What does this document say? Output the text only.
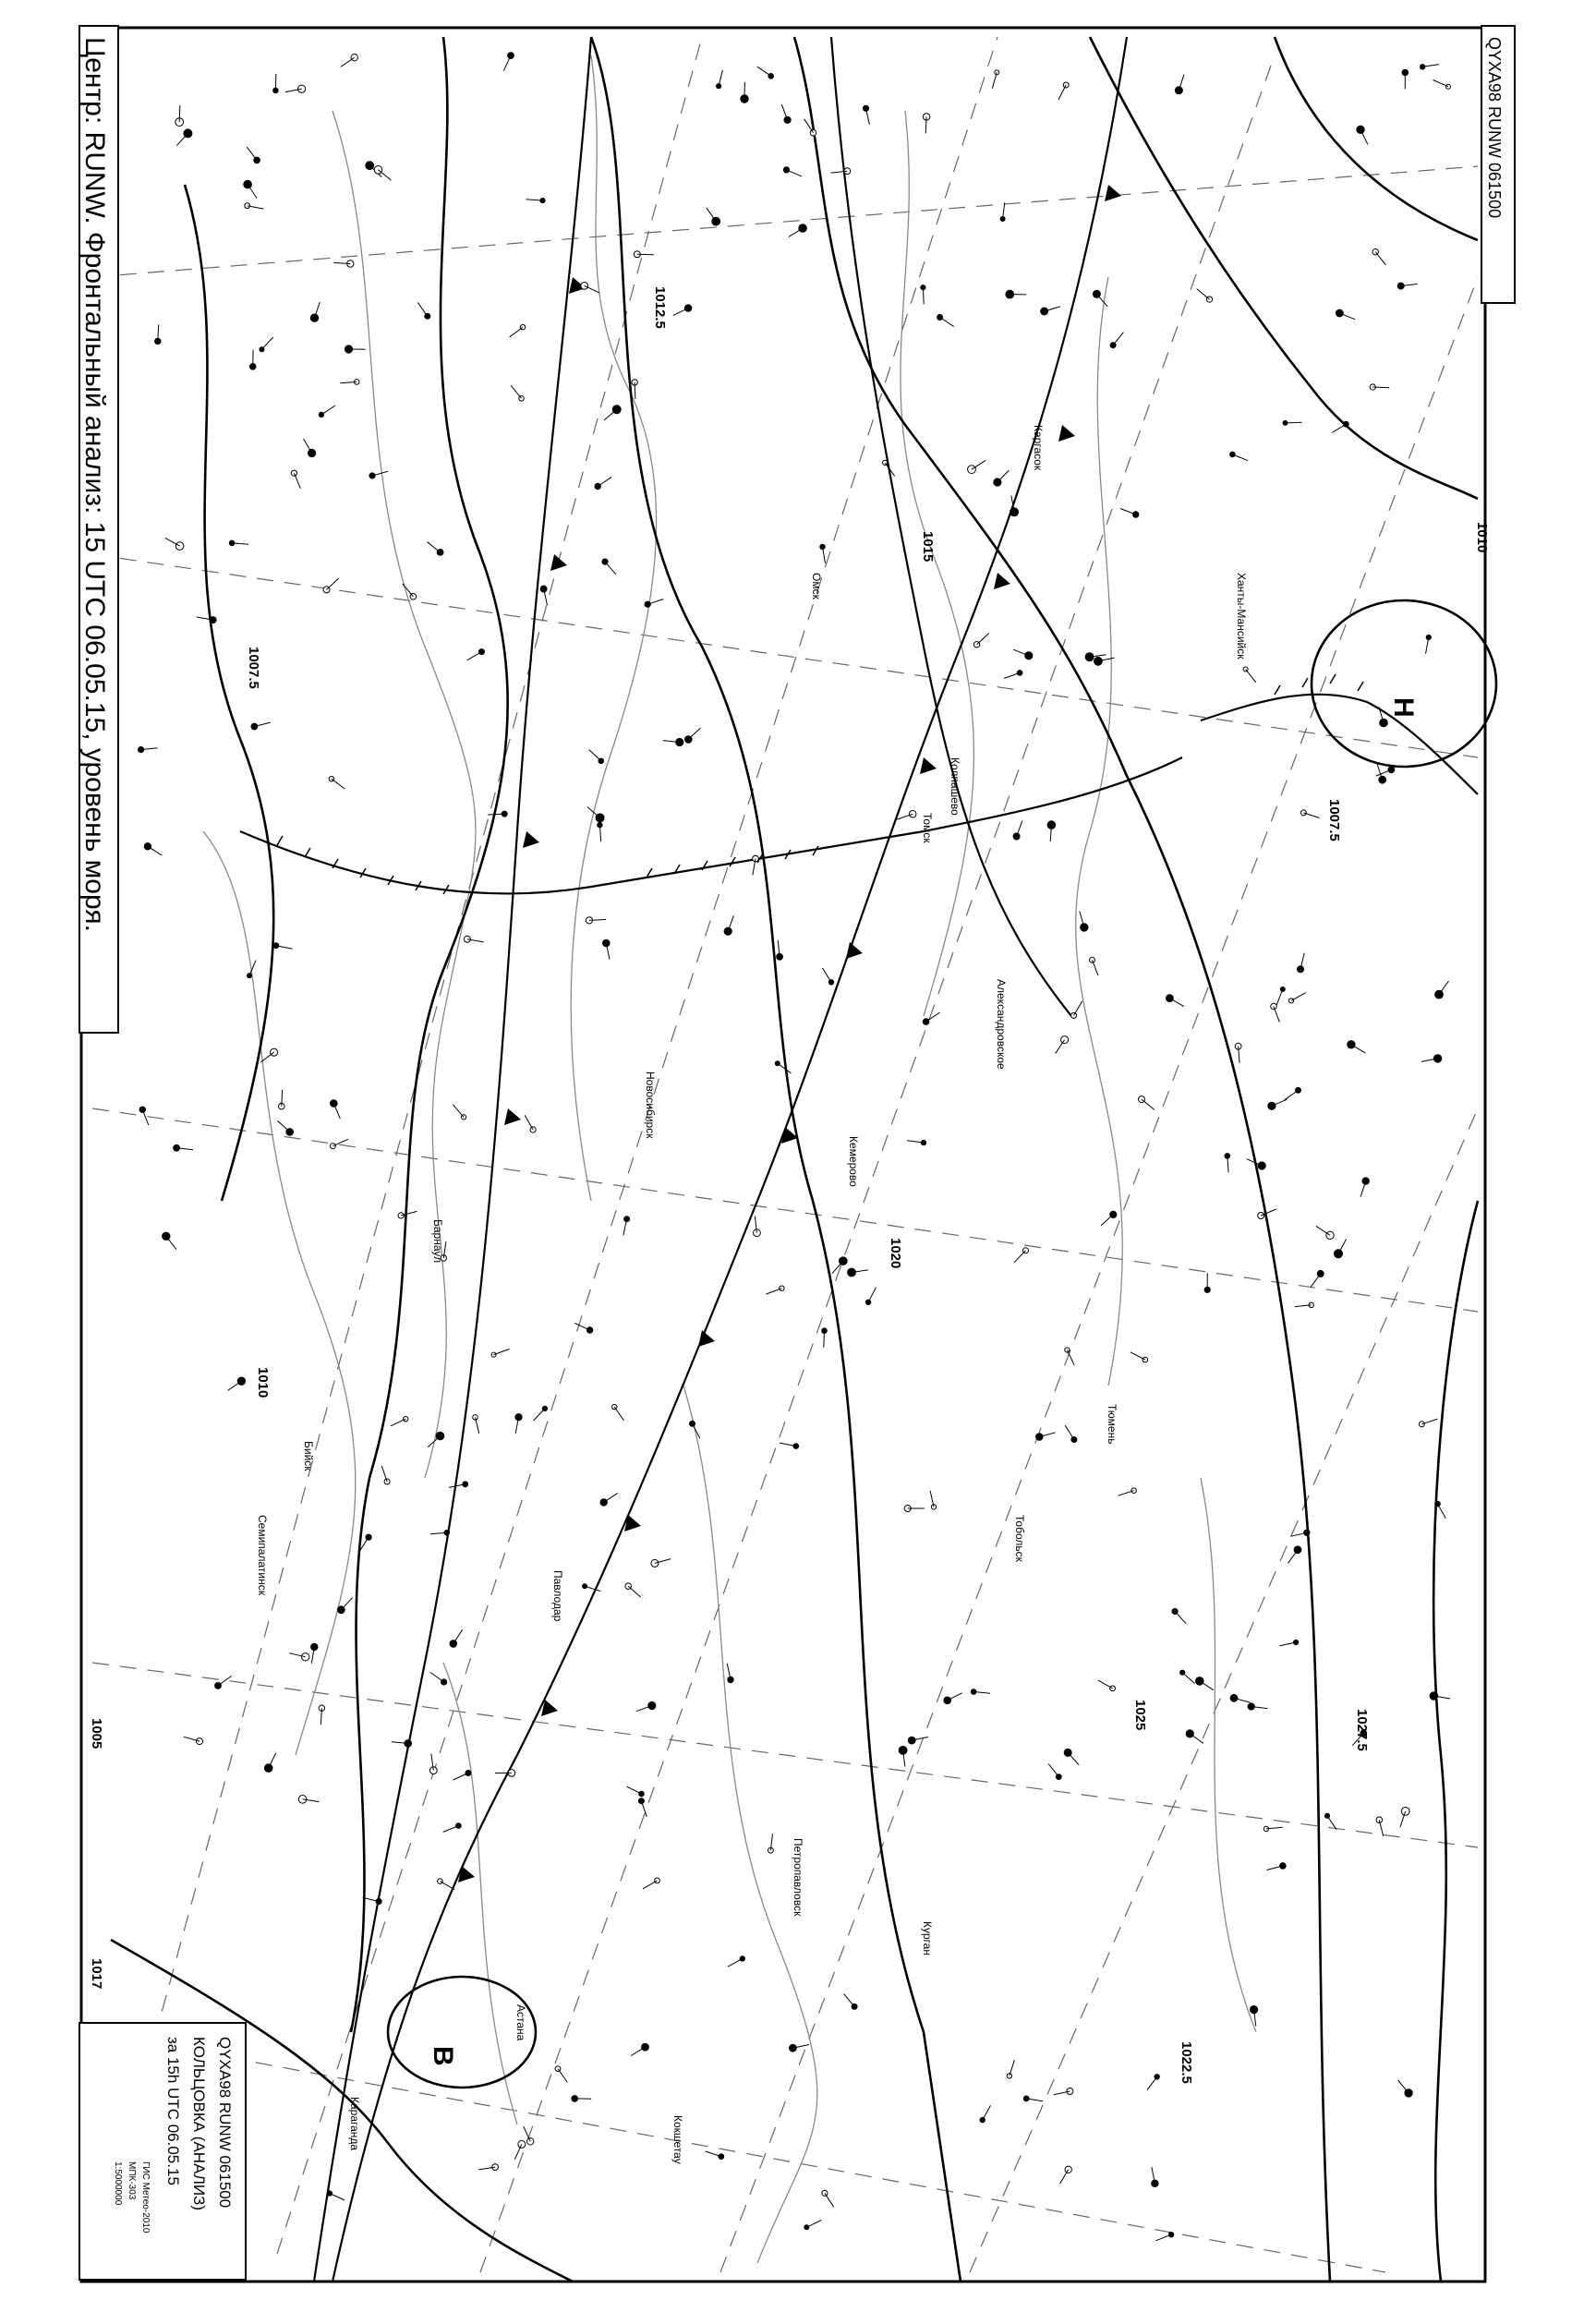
Н
В
1010
1012.5
1007.5
1015
1020
1025	1027.5
1022.5
1017
1010
1005
1007.5
Омск
Новосибирск
Барнаул
Кемерово
Павлодар
Семипалатинск	Тобольск
Тюмень
Курган
Петропавловск
Кокшетау
Караганда
Астана
Бийск
Томск
Колпашево
Александровское
Каргасок
Ханты-Мансийск
Центр: RUNW. Фронтальный анализ: 15 UTC 06.05.15, уровень моря.	QYXA98 RUNW 061500
QYXA98 RUNW 061500
КОЛЬЦОВКА (АНАЛИЗ)
за 15h UTC 06.05.15
ГИС Метео-2010
МПК-303
1:5000000
